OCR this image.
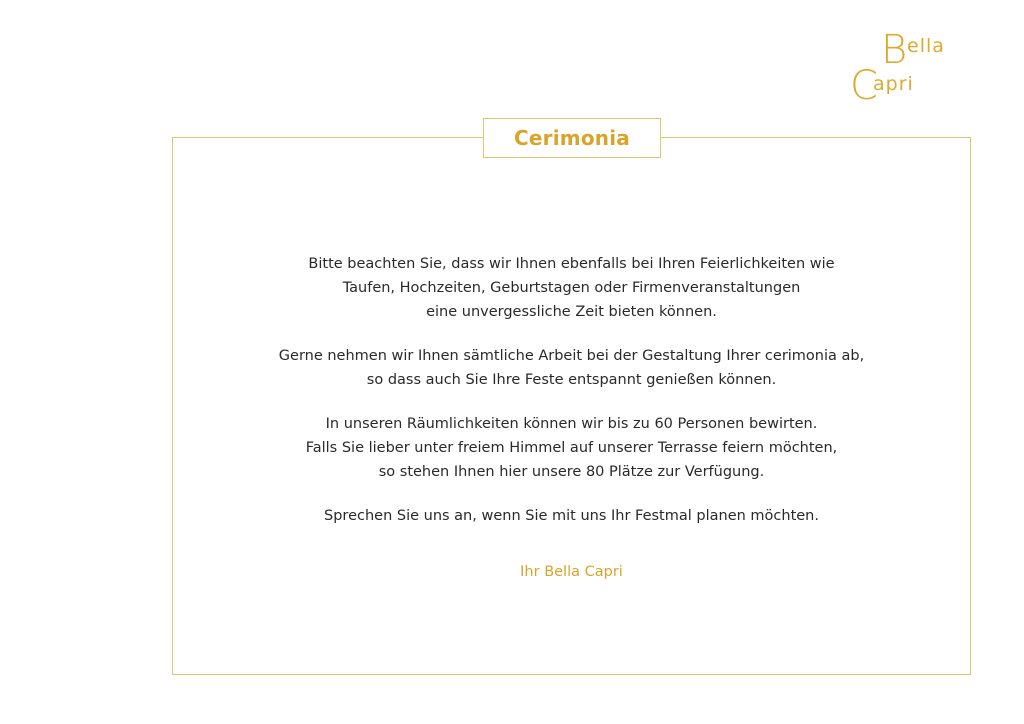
B ella
C
apri
Cerimonia

Bitte beachten Sie, dass wir Ihnen ebenfalls bei Ihren Feierlichkeiten wie
Taufen, Hochzeiten, Geburtstagen oder Firmenveranstaltungen
eine unvergessliche Zeit bieten können.

Gerne nehmen wir Ihnen sämtliche Arbeit bei der Gestaltung Ihrer cerimonia ab,
so dass auch Sie Ihre Feste entspannt genießen können.

In unseren Räumlichkeiten können wir bis zu 60 Personen bewirten.
Falls Sie lieber unter freiem Himmel auf unserer Terrasse feiern möchten,
so stehen Ihnen hier unsere 80 Plätze zur Verfügung.

Sprechen Sie uns an, wenn Sie mit uns Ihr Festmal planen möchten.

Ihr Bella Capri
